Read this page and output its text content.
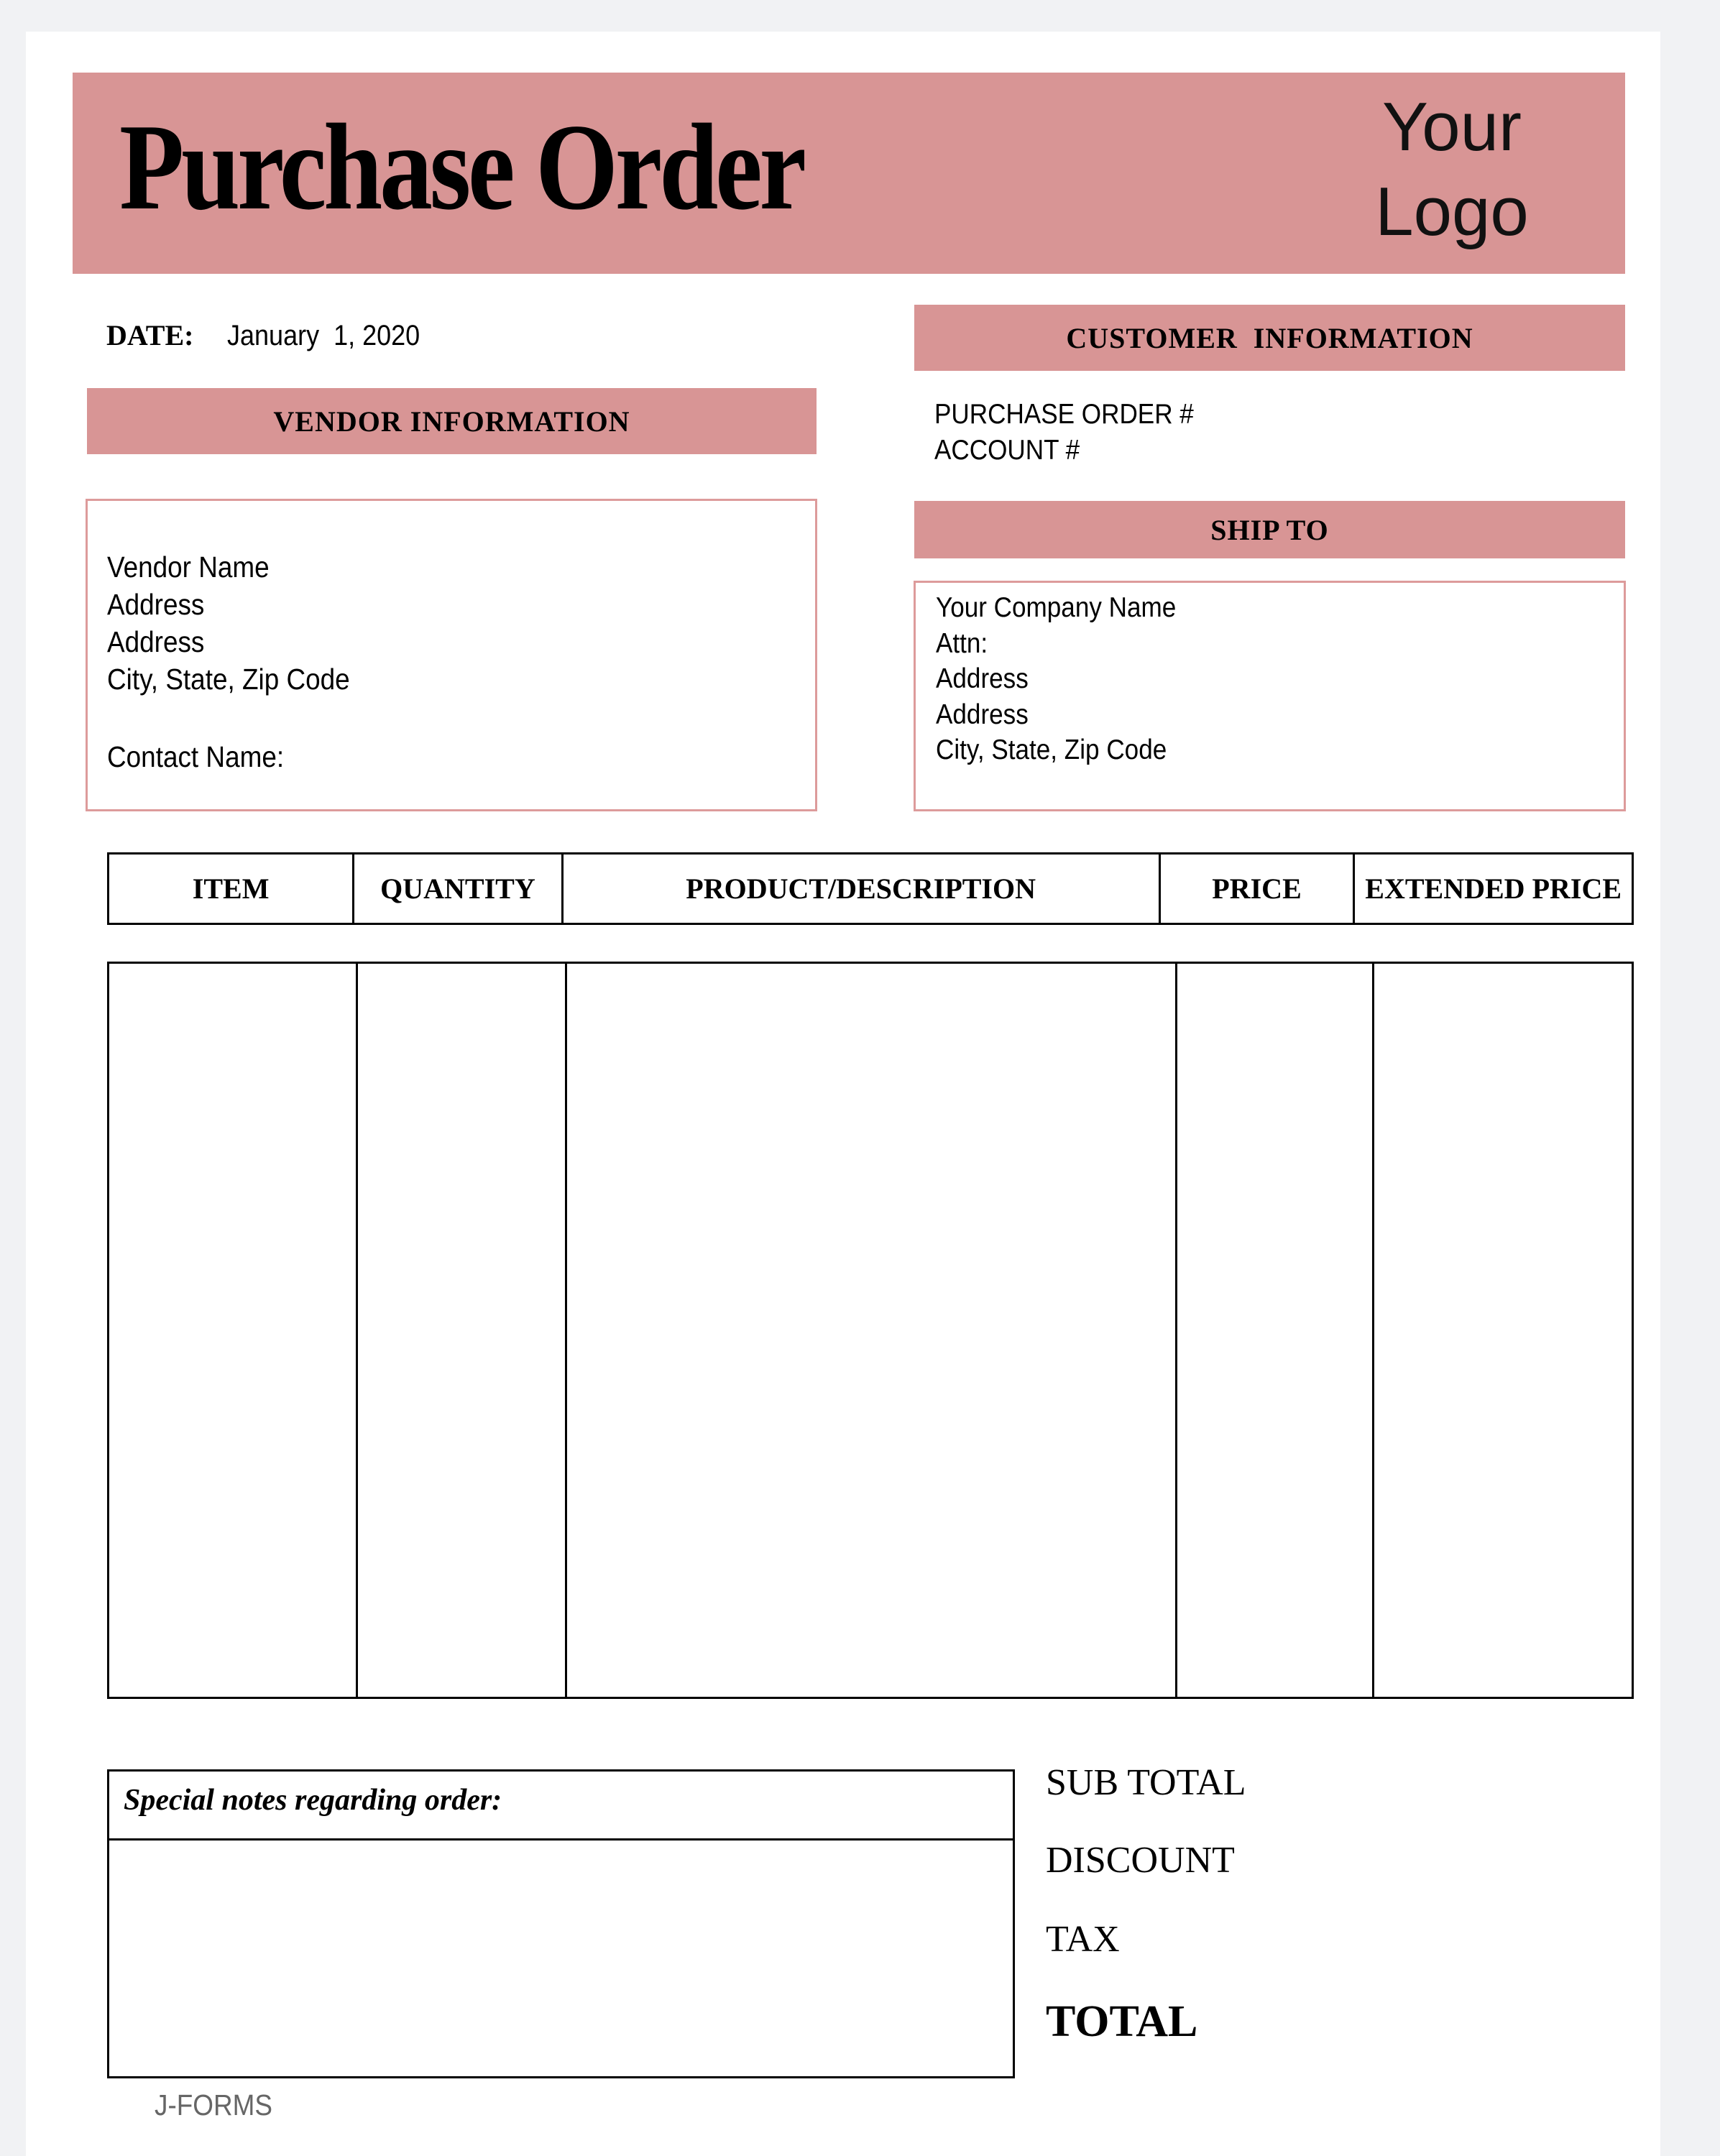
Purchase Order	Your
Logo
DATE: January  1, 2020
VENDOR INFORMATION
Vendor Name
Address
Address
City, State, Zip Code
Contact Name:
CUSTOMER  INFORMATION
PURCHASE ORDER #
ACCOUNT #
SHIP TO
Your Company Name
Attn:
Address
Address
City, State, Zip Code
ITEM	QUANTITY	PRODUCT/DESCRIPTION	PRICE	EXTENDED PRICE

Special notes regarding order:	SUB TOTAL
DISCOUNT
TAX
TOTAL
J-FORMS
